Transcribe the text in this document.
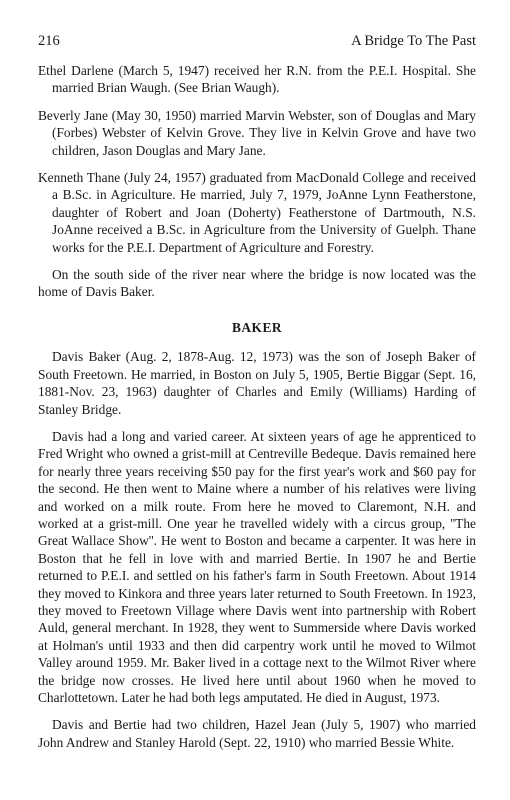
216	A Bridge To The Past

Ethel Darlene (March 5, 1947) received her R.N. from the P.E.I. Hospital. She married Brian Waugh. (See Brian Waugh).

Beverly Jane (May 30, 1950) married Marvin Webster, son of Douglas and Mary (Forbes) Webster of Kelvin Grove. They live in Kelvin Grove and have two children, Jason Douglas and Mary Jane.

Kenneth Thane (July 24, 1957) graduated from MacDonald College and received a B.Sc. in Agriculture. He married, July 7, 1979, JoAnne Lynn Featherstone, daughter of Robert and Joan (Doherty) Featherstone of Dartmouth, N.S. JoAnne received a B.Sc. in Agriculture from the University of Guelph. Thane works for the P.E.I. Department of Agriculture and Forestry.

On the south side of the river near where the bridge is now located was the home of Davis Baker.

BAKER

Davis Baker (Aug. 2, 1878-Aug. 12, 1973) was the son of Joseph Baker of South Freetown. He married, in Boston on July 5, 1905, Bertie Biggar (Sept. 16, 1881-Nov. 23, 1963) daughter of Charles and Emily (Williams) Harding of Stanley Bridge.

Davis had a long and varied career. At sixteen years of age he apprenticed to Fred Wright who owned a grist-mill at Centreville Bedeque. Davis remained here for nearly three years receiving $50 pay for the first year's work and $60 pay for the second. He then went to Maine where a number of his relatives were living and worked on a milk route. From here he moved to Claremont, N.H. and worked at a grist-mill. One year he travelled widely with a circus group, ''The Great Wallace Show''. He went to Boston and became a carpenter. It was here in Boston that he fell in love with and married Bertie. In 1907 he and Bertie returned to P.E.I. and settled on his father's farm in South Freetown. About 1914 they moved to Kinkora and three years later returned to South Freetown. In 1923, they moved to Freetown Village where Davis went into partnership with Robert Auld, general merchant. In 1928, they went to Summerside where Davis worked at Holman's until 1933 and then did carpentry work until he moved to Wilmot Valley around 1959. Mr. Baker lived in a cottage next to the Wilmot River where the bridge now crosses. He lived here until about 1960 when he moved to Charlottetown. Later he had both legs amputated. He died in August, 1973.

Davis and Bertie had two children, Hazel Jean (July 5, 1907) who married John Andrew and Stanley Harold (Sept. 22, 1910) who married Bessie White.
